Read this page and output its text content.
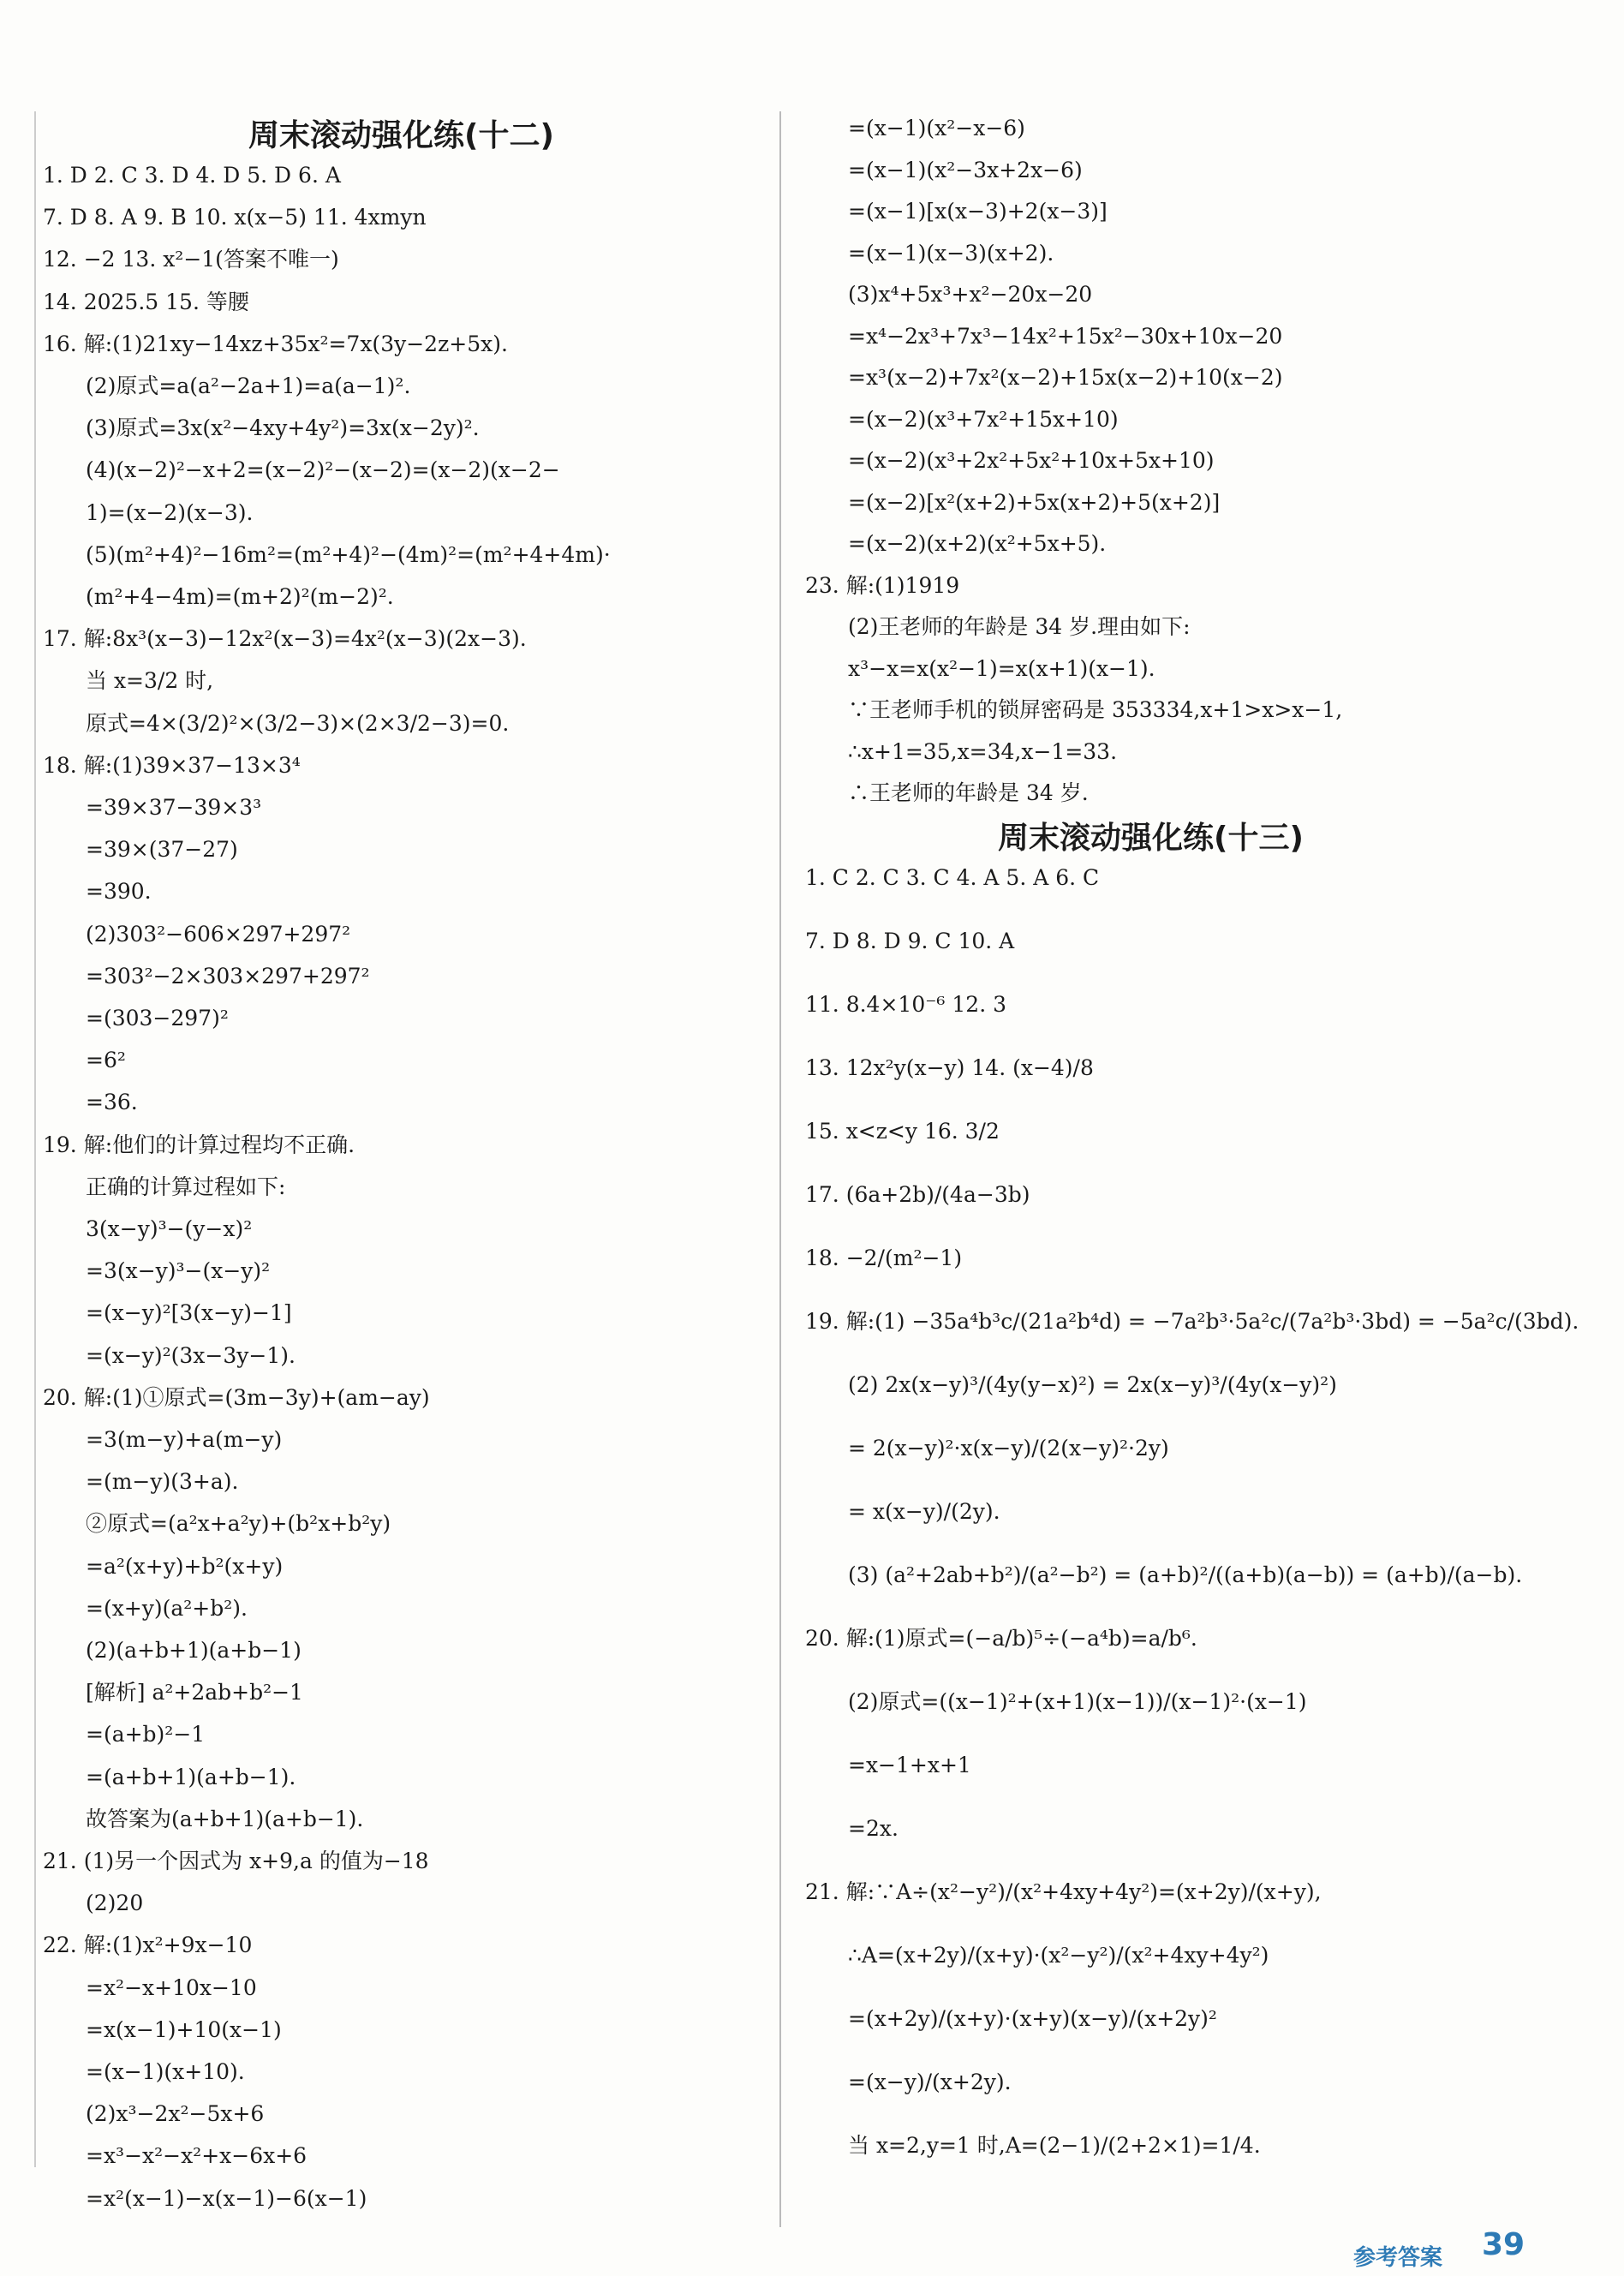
周末滚动强化练(十二)
1. D 2. C 3. D 4. D 5. D 6. A
7. D 8. A 9. B 10. x(x−5) 11. 4xmyn
12. −2 13. x²−1(答案不唯一)
14. 2025.5 15. 等腰
16. 解:(1)21xy−14xz+35x²=7x(3y−2z+5x).
(2)原式=a(a²−2a+1)=a(a−1)².
(3)原式=3x(x²−4xy+4y²)=3x(x−2y)².
(4)(x−2)²−x+2=(x−2)²−(x−2)=(x−2)(x−2−
1)=(x−2)(x−3).
(5)(m²+4)²−16m²=(m²+4)²−(4m)²=(m²+4+4m)·
(m²+4−4m)=(m+2)²(m−2)².
17. 解:8x³(x−3)−12x²(x−3)=4x²(x−3)(2x−3).
当 x=3/2 时,
原式=4×(3/2)²×(3/2−3)×(2×3/2−3)=0.
18. 解:(1)39×37−13×3⁴
=39×37−39×3³
=39×(37−27)
=390.
(2)303²−606×297+297²
=303²−2×303×297+297²
=(303−297)²
=6²
=36.
19. 解:他们的计算过程均不正确.
正确的计算过程如下:
3(x−y)³−(y−x)²
=3(x−y)³−(x−y)²
=(x−y)²[3(x−y)−1]
=(x−y)²(3x−3y−1).
20. 解:(1)①原式=(3m−3y)+(am−ay)
=3(m−y)+a(m−y)
=(m−y)(3+a).
②原式=(a²x+a²y)+(b²x+b²y)
=a²(x+y)+b²(x+y)
=(x+y)(a²+b²).
(2)(a+b+1)(a+b−1)
[解析] a²+2ab+b²−1
=(a+b)²−1
=(a+b+1)(a+b−1).
故答案为(a+b+1)(a+b−1).
21. (1)另一个因式为 x+9,a 的值为−18
(2)20
22. 解:(1)x²+9x−10
=x²−x+10x−10
=x(x−1)+10(x−1)
=(x−1)(x+10).
(2)x³−2x²−5x+6
=x³−x²−x²+x−6x+6
=x²(x−1)−x(x−1)−6(x−1)
=(x−1)(x²−x−6)
=(x−1)(x²−3x+2x−6)
=(x−1)[x(x−3)+2(x−3)]
=(x−1)(x−3)(x+2).
(3)x⁴+5x³+x²−20x−20
=x⁴−2x³+7x³−14x²+15x²−30x+10x−20
=x³(x−2)+7x²(x−2)+15x(x−2)+10(x−2)
=(x−2)(x³+7x²+15x+10)
=(x−2)(x³+2x²+5x²+10x+5x+10)
=(x−2)[x²(x+2)+5x(x+2)+5(x+2)]
=(x−2)(x+2)(x²+5x+5).
23. 解:(1)1919
(2)王老师的年龄是 34 岁.理由如下:
x³−x=x(x²−1)=x(x+1)(x−1).
∵王老师手机的锁屏密码是 353334,x+1>x>x−1,
∴x+1=35,x=34,x−1=33.
∴王老师的年龄是 34 岁.
周末滚动强化练(十三)
1. C 2. C 3. C 4. A 5. A 6. C
7. D 8. D 9. C 10. A
11. 8.4×10⁻⁶ 12. 3
13. 12x²y(x−y) 14. (x−4)/8
15. x<z<y 16. 3/2
17. (6a+2b)/(4a−3b)
18. −2/(m²−1)
19. 解:(1) −35a⁴b³c/(21a²b⁴d) = −7a²b³·5a²c/(7a²b³·3bd) = −5a²c/(3bd).
(2) 2x(x−y)³/(4y(y−x)²) = 2x(x−y)³/(4y(x−y)²)
= 2(x−y)²·x(x−y)/(2(x−y)²·2y)
= x(x−y)/(2y).
(3) (a²+2ab+b²)/(a²−b²) = (a+b)²/((a+b)(a−b)) = (a+b)/(a−b).
20. 解:(1)原式=(−a/b)⁵÷(−a⁴b)=a/b⁶.
(2)原式=((x−1)²+(x+1)(x−1))/(x−1)²·(x−1)
=x−1+x+1
=2x.
21. 解:∵A÷(x²−y²)/(x²+4xy+4y²)=(x+2y)/(x+y),
∴A=(x+2y)/(x+y)·(x²−y²)/(x²+4xy+4y²)
=(x+2y)/(x+y)·(x+y)(x−y)/(x+2y)²
=(x−y)/(x+2y).
当 x=2,y=1 时,A=(2−1)/(2+2×1)=1/4.
参考答案 39
